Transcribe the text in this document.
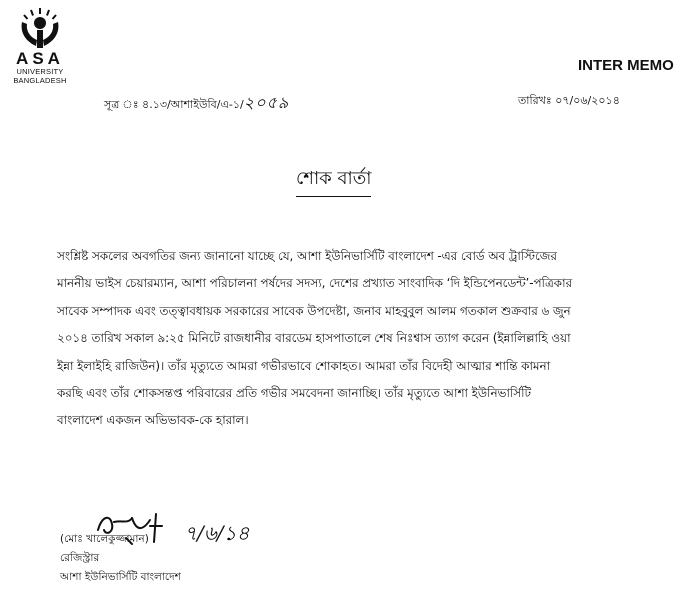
ASA
UNIVERSITY
BANGLADESH
INTER MEMO
সূত্র ঃ ৪.১৩/আশাইউবি/এ-১/২০৫৯	তারিখঃ ০৭/০৬/২০১৪
শোক বার্তা
সংশ্লিষ্ট সকলের অবগতির জন্য জানানো যাচ্ছে যে, আশা ইউনিভার্সিটি বাংলাদেশ -এর বোর্ড অব ট্রাস্টিজের
মাননীয় ভাইস চেয়ারম্যান, আশা পরিচালনা পর্ষদের সদস্য, দেশের প্রখ্যাত সাংবাদিক ‘দি ইন্ডিপেনডেন্ট’-পত্রিকার
সাবেক সম্পাদক এবং তত্ত্বাবধায়ক সরকারের সাবেক উপদেষ্টা, জনাব মাহবুবুল আলম গতকাল শুক্রবার ৬ জুন
২০১৪ তারিখ সকাল ৯:২৫ মিনিটে রাজধানীর বারডেম হাসপাতালে শেষ নিঃশ্বাস ত্যাগ করেন (ইন্নালিল্লাহি ওয়া
ইন্না ইলাইহি রাজিউন)। তাঁর মৃত্যুতে আমরা গভীরভাবে শোকাহত। আমরা তাঁর বিদেহী আত্মার শান্তি কামনা
করছি এবং তাঁর শোকসন্তপ্ত পরিবারের প্রতি গভীর সমবেদনা জানাচ্ছি। তাঁর মৃত্যুতে আশা ইউনিভার্সিটি
বাংলাদেশ একজন অভিভাবক-কে হারাল।
৭/৬/১৪
(মোঃ খালেকুজ্জামান)
রেজিস্ট্রার
আশা ইউনিভার্সিটি বাংলাদেশ
